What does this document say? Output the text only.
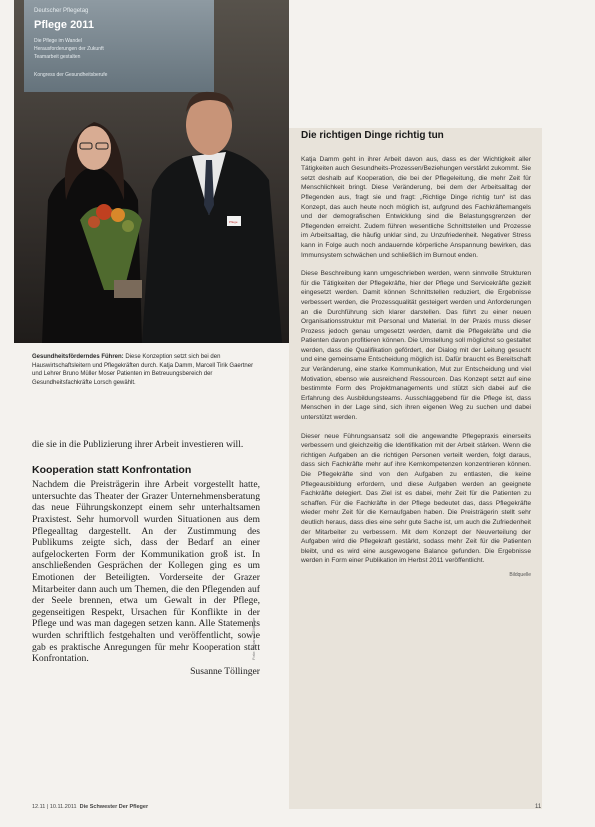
Deutscher Pflegetag
Pflege 2011
Die Pflege im Wandel
Herausforderungen der Zukunft
Teamarbeit gestalten
Kongress der Gesundheitsberufe
Pflege
Gesundheitsförderndes Führen: Diese Konzeption setzt sich bei den Hauswirtschaftsleitern und Pflegekräften durch. Katja Damm, Marcell Tirik Gaertner und Lehrer Bruno Müller Moser Patienten im Betreuungsbereich der Gesundheitsfachkräfte Lorsch gewählt.

die sie in die Publizierung ihrer Arbeit investieren will.

Kooperation statt Konfrontation

Nachdem die Preisträgerin ihre Arbeit vorgestellt hatte, untersuchte das Theater der Grazer Unternehmensberatung das neue Führungskonzept einem sehr unterhaltsamen Praxistest. Sehr humorvoll wurden Situationen aus dem Pflegealltag dargestellt. An der Zustimmung des Publikums zeigte sich, dass der Bedarf an einer aufgelockerten Form der Kommunikation groß ist. In anschließenden Gesprächen der Kollegen ging es um Emotionen der Beteiligten. Vorderseite der Grazer Mitarbeiter dann auch um Themen, die den Pflegenden auf der Seele brennen, etwa um Gewalt in der Pflege, gegenseitigen Respekt, Ursachen für Konflikte in der Pflege und was man dagegen setzen kann. Alle Statements wurden schriftlich festgehalten und veröffentlicht, sowie gab es praktische Anregungen für mehr Kooperation statt Konfrontation.

Susanne Töllinger
Foto: Susanne Töllinger
Die richtigen Dinge richtig tun

Katja Damm geht in ihrer Arbeit davon aus, dass es der Wichtigkeit aller Tätigkeiten auch Gesundheits-Prozessen/Beziehungen verstärkt zukommt. Sie setzt deshalb auf Kooperation, die bei der Pflegeleitung, die mehr Zeit für Menschlichkeit bringt. Diese Veränderung, bei dem der Arbeitsalltag der Pflegenden aus, fragt sie und fragt: „Richtige Dinge richtig tun“ ist das Konzept, das auch heute noch möglich ist, aufgrund des Fachkräftemangels und der demografischen Entwicklung sind die Belastungsgrenzen der Pflegenden erreicht. Zudem führen wesentliche Schnittstellen und Prozesse im Arbeitsalltag, die häufig unklar sind, zu Unzufriedenheit. Negativer Stress kann in Folge auch noch andauernde körperliche Anspannung bewirken, das Immunsystem schwächen und schließlich im Burnout enden.

Diese Beschreibung kann umgeschrieben werden, wenn sinnvolle Strukturen für die Tätigkeiten der Pflegekräfte, hier der Pflege und Servicekräfte gezielt eingesetzt werden. Damit können Schnittstellen reduziert, die Ergebnisse verbessert werden, die Prozessqualität gesteigert werden und Anforderungen an die Durchführung sich klarer darstellen. Das führt zu einer neuen Organisationsstruktur mit Personal und Material. In der Praxis muss dieser Prozess jedoch genau umgesetzt werden, damit die Pflegekräfte und die Patienten davon profitieren können. Die Umstellung soll möglichst so gestaltet werden, dass die Qualifikation gefördert, der Dialog mit der Leitung gesucht und eine gemeinsame Entscheidung möglich ist. Dafür braucht es Bereitschaft zur Veränderung, eine starke Kommunikation, Mut zur Entscheidung und viel Motivation, ebenso wie ausreichend Ressourcen. Das Konzept setzt auf eine bestimmte Form des Projektmanagements und stützt sich dabei auf die Erfahrung des Ausbildungsteams. Ausschlaggebend für die Pflege ist, dass Menschen in der Lage sind, sich ihren eigenen Weg zu suchen und dabei unterstützt werden.

Dieser neue Führungsansatz soll die angewandte Pflegepraxis einerseits verbessern und gleichzeitig die Identifikation mit der Arbeit stärken. Wenn die richtigen Aufgaben an die richtigen Personen verteilt werden, folgt daraus, dass sich Fachkräfte mehr auf ihre Kernkompetenzen konzentrieren können. Die Pflegekräfte sind von den Aufgaben zu entlasten, die keine Pflegeausbildung erfordern, und diese Aufgaben werden an geeignete Fachkräfte delegiert. Das Ziel ist es dabei, mehr Zeit für die Patienten zu schaffen. Für die Fachkräfte in der Pflege bedeutet das, dass Pflegekräfte wieder mehr Zeit für die Kernaufgaben haben. Die Preisträgerin stellt sehr deutlich heraus, dass dies eine sehr gute Sache ist, um auch die Zufriedenheit der Mitarbeiter zu verbessern. Mit dem Konzept der Neuverteilung der Aufgaben wird die Pflegekraft gestärkt, sodass mehr Zeit für die Patienten bleibt, und es wird eine ausgewogene Balance gefunden. Die Ergebnisse werden in Form einer Publikation im Herbst 2011 veröffentlicht.

Bildquelle
12.11 | 10.11.2011 Die Schwester Der Pfleger	11
